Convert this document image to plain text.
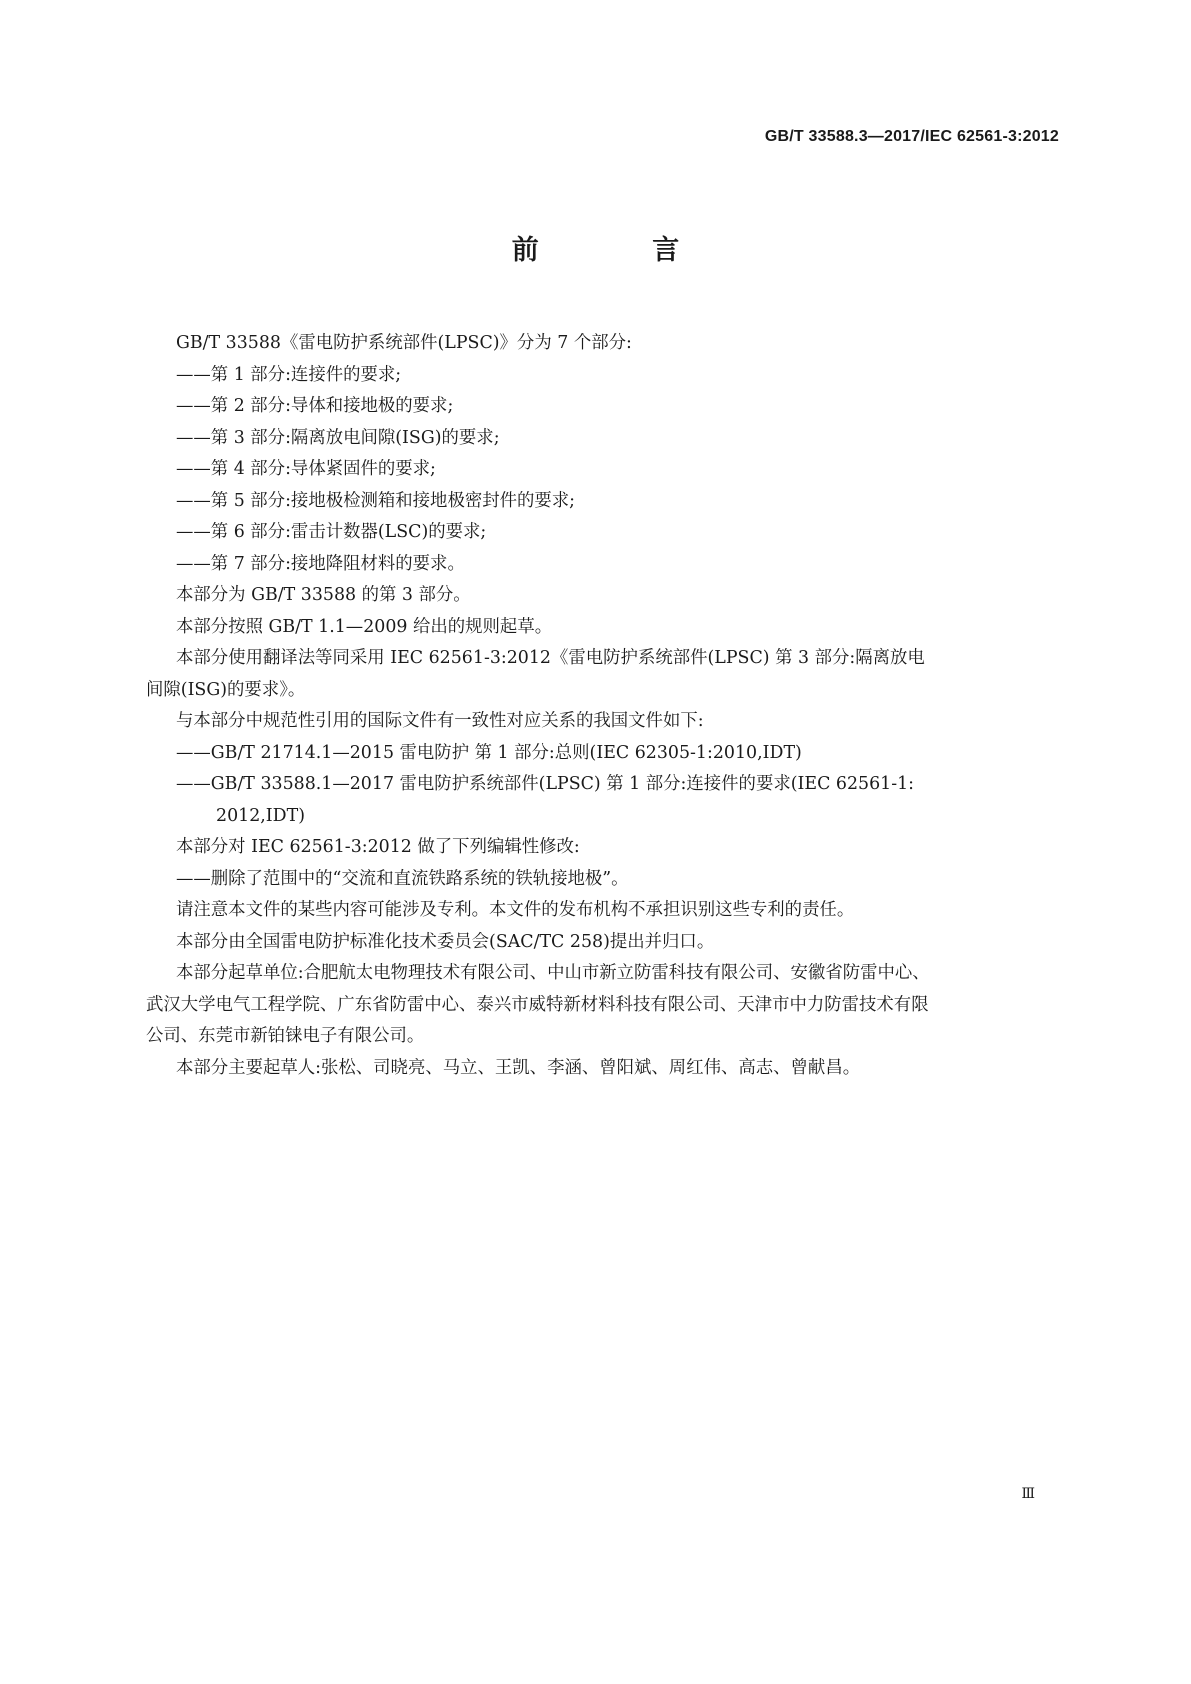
GB/T 33588.3—2017/IEC 62561-3:2012
前 言
GB/T 33588《雷电防护系统部件(LPSC)》分为 7 个部分:
——第 1 部分:连接件的要求;
——第 2 部分:导体和接地极的要求;
——第 3 部分:隔离放电间隙(ISG)的要求;
——第 4 部分:导体紧固件的要求;
——第 5 部分:接地极检测箱和接地极密封件的要求;
——第 6 部分:雷击计数器(LSC)的要求;
——第 7 部分:接地降阻材料的要求。
本部分为 GB/T 33588 的第 3 部分。
本部分按照 GB/T 1.1—2009 给出的规则起草。
本部分使用翻译法等同采用 IEC 62561-3:2012《雷电防护系统部件(LPSC) 第 3 部分:隔离放电
间隙(ISG)的要求》。
与本部分中规范性引用的国际文件有一致性对应关系的我国文件如下:
——GB/T 21714.1—2015 雷电防护 第 1 部分:总则(IEC 62305-1:2010,IDT)
——GB/T 33588.1—2017 雷电防护系统部件(LPSC) 第 1 部分:连接件的要求(IEC 62561-1:
2012,IDT)
本部分对 IEC 62561-3:2012 做了下列编辑性修改:
——删除了范围中的“交流和直流铁路系统的铁轨接地极”。
请注意本文件的某些内容可能涉及专利。本文件的发布机构不承担识别这些专利的责任。
本部分由全国雷电防护标准化技术委员会(SAC/TC 258)提出并归口。
本部分起草单位:合肥航太电物理技术有限公司、中山市新立防雷科技有限公司、安徽省防雷中心、
武汉大学电气工程学院、广东省防雷中心、泰兴市威特新材料科技有限公司、天津市中力防雷技术有限
公司、东莞市新铂铼电子有限公司。
本部分主要起草人:张松、司晓亮、马立、王凯、李涵、曾阳斌、周红伟、高志、曾献昌。
Ⅲ
